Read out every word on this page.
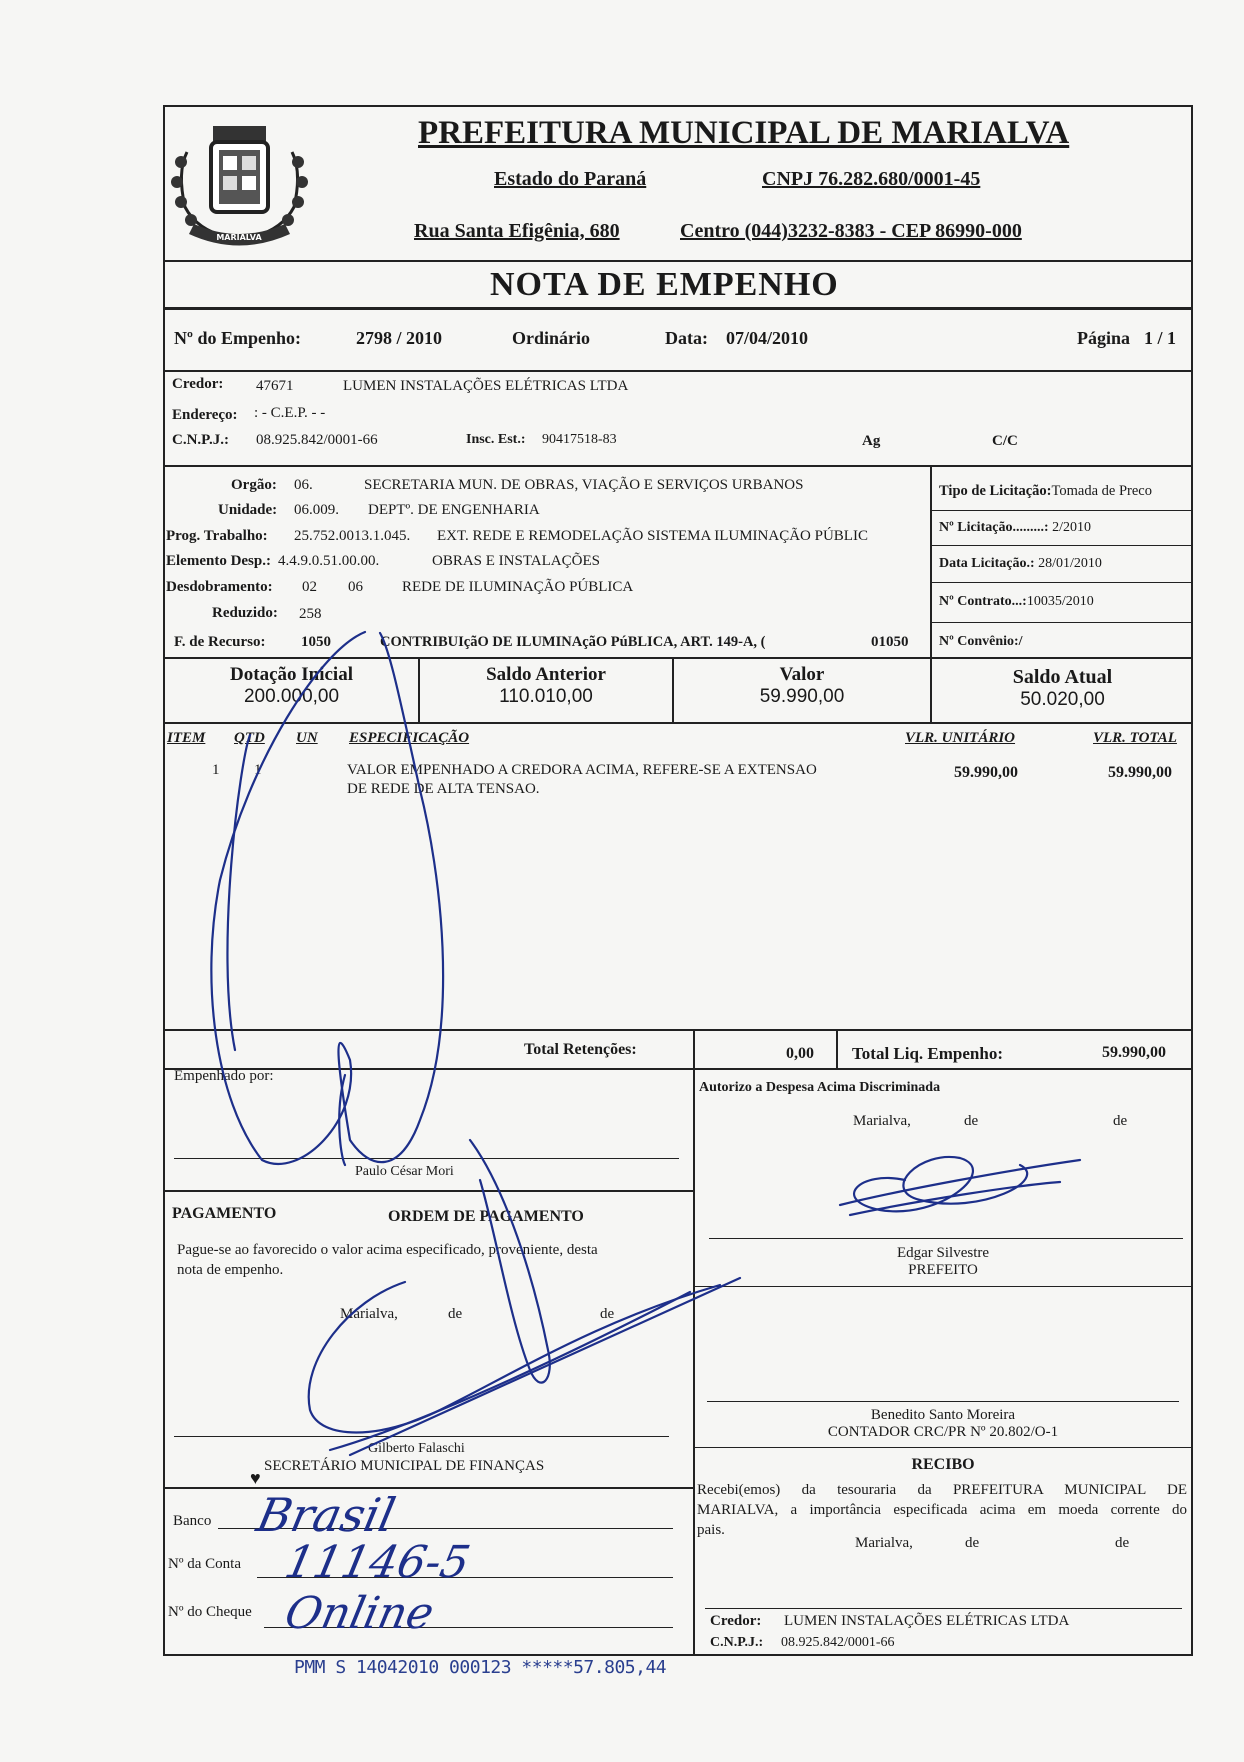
MARIALVA
PREFEITURA MUNICIPAL DE MARIALVA
Estado do Paraná	CNPJ 76.282.680/0001-45
Rua Santa Efigênia, 680	Centro (044)3232-8383 - CEP 86990-000
NOTA DE EMPENHO
Nº do Empenho:	2798 / 2010	Ordinário	Data: 07/04/2010	Página 1 / 1
Credor: 47671	LUMEN INSTALAÇÕES ELÉTRICAS LTDA
Endereço: : - C.E.P. - -
C.N.P.J.: 08.925.842/0001-66	Insc. Est.: 90417518-83	Ag	C/C
Orgão: 06.	SECRETARIA MUN. DE OBRAS, VIAÇÃO E SERVIÇOS URBANOS
Unidade: 06.009. DEPTº. DE ENGENHARIA
Prog. Trabalho: 25.752.0013.1.045. EXT. REDE E REMODELAÇÃO SISTEMA ILUMINAÇÃO PÚBLIC
Elemento Desp.: 4.4.9.0.51.00.00.	OBRAS E INSTALAÇÕES
Desdobramento: 02 06	REDE DE ILUMINAÇÃO PÚBLICA
Reduzido: 258
F. de Recurso: 1050	CONTRIBUIçãO DE ILUMINAçãO PúBLICA, ART. 149-A, (	01050
Tipo de Licitação:Tomada de Preco
Nº Licitação.........: 2/2010
Data Licitação.: 28/01/2010
Nº Contrato...:10035/2010
Nº Convênio:/
Dotação Inicial
200.000,00
Saldo Anterior
110.010,00
Valor
59.990,00
Saldo Atual
50.020,00
ITEM QTD UN ESPECIFICAÇÃO	VLR. UNITÁRIO	VLR. TOTAL
1 1	VALOR EMPENHADO A CREDORA ACIMA, REFERE-SE A EXTENSAO
DE REDE DE ALTA TENSAO.
59.990,00	59.990,00
Total Retenções:	0,00 Total Liq. Empenho:	59.990,00
Empenhado por:
Paulo César Mori
Autorizo a Despesa Acima Discriminada
Marialva,	de	de
Edgar Silvestre
PREFEITO
PAGAMENTO	ORDEM DE PAGAMENTO
Pague-se ao favorecido o valor acima especificado, proveniente, desta
nota de empenho.
Marialva,	de	de
Gilberto Falaschi
SECRETÁRIO MUNICIPAL DE FINANÇAS
♥
Benedito Santo Moreira
CONTADOR CRC/PR Nº 20.802/O-1
Banco
Nº da Conta
Nº do Cheque
Brasil
11146-5
Online
RECIBO
Recebi(emos) da tesouraria da PREFEITURA MUNICIPAL DE
MARIALVA, a importância especificada acima em moeda corrente do
pais.
Marialva,	de	de
Credor: LUMEN INSTALAÇÕES ELÉTRICAS LTDA
C.N.P.J.: 08.925.842/0001-66
PMM S 14042010 000123 *****57.805,44
